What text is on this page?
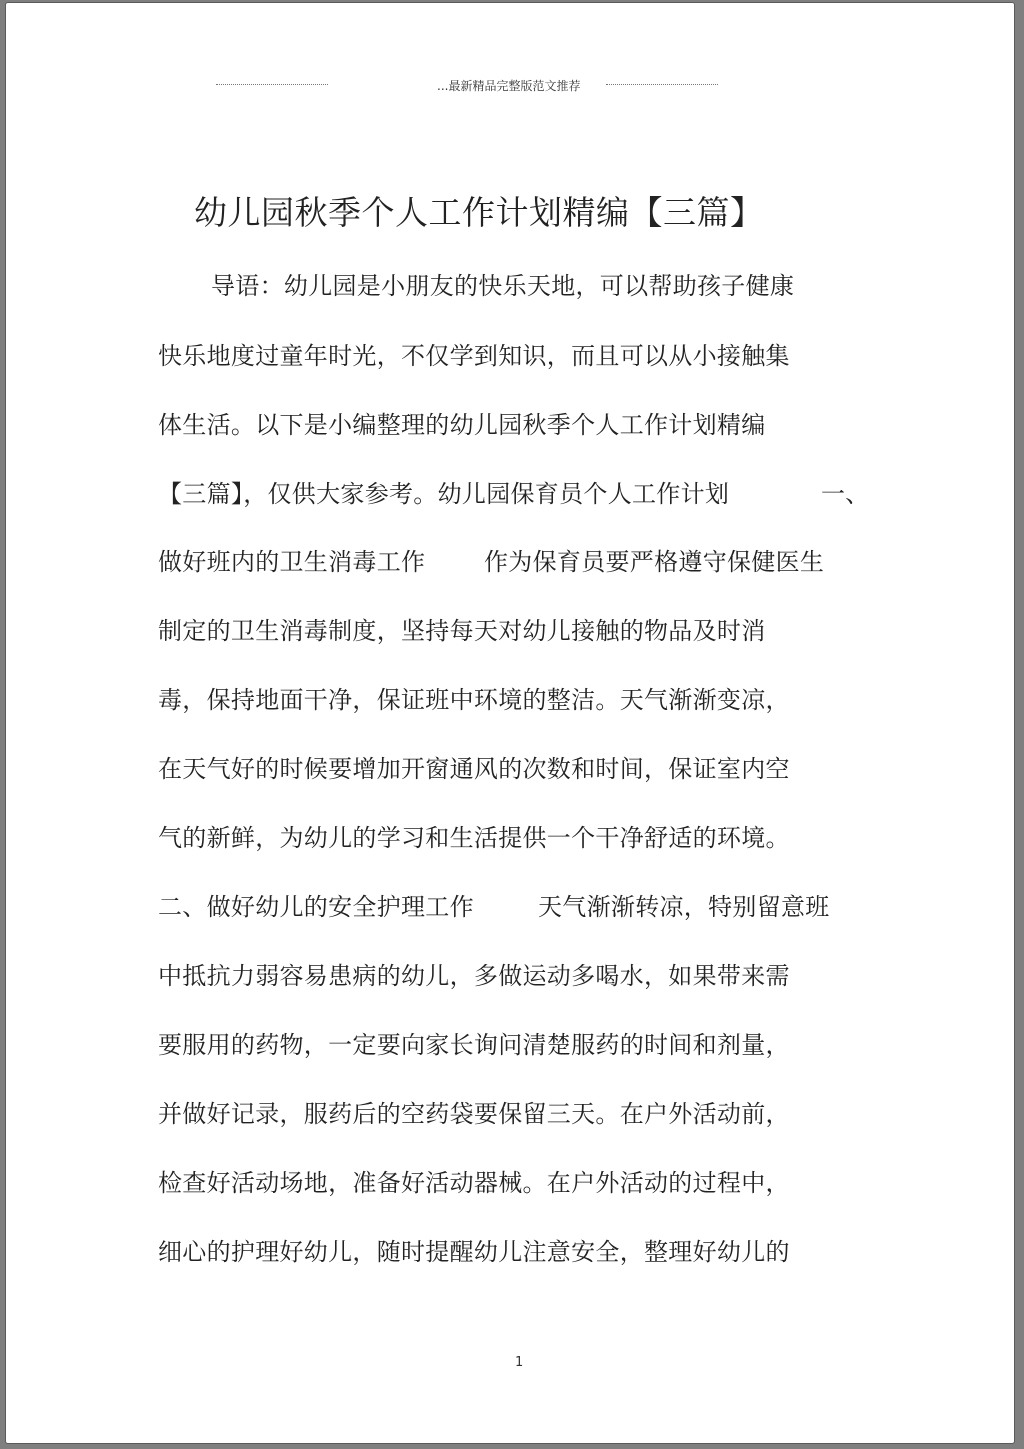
...最新精品完整版范文推荐
幼儿园秋季个人工作计划精编【三篇】
导语：幼儿园是小朋友的快乐天地，可以帮助孩子健康
快乐地度过童年时光，不仅学到知识，而且可以从小接触集
体生活。以下是小编整理的幼儿园秋季个人工作计划精编
【三篇】，仅供大家参考。幼儿园保育员个人工作计划	一、
做好班内的卫生消毒工作 作为保育员要严格遵守保健医生
制定的卫生消毒制度，坚持每天对幼儿接触的物品及时消
毒，保持地面干净，保证班中环境的整洁。天气渐渐变凉，
在天气好的时候要增加开窗通风的次数和时间，保证室内空
气的新鲜，为幼儿的学习和生活提供一个干净舒适的环境。
二、做好幼儿的安全护理工作	天气渐渐转凉，特别留意班
中抵抗力弱容易患病的幼儿，多做运动多喝水，如果带来需
要服用的药物，一定要向家长询问清楚服药的时间和剂量，
并做好记录，服药后的空药袋要保留三天。在户外活动前，
检查好活动场地，准备好活动器械。在户外活动的过程中，
细心的护理好幼儿，随时提醒幼儿注意安全，整理好幼儿的
1
